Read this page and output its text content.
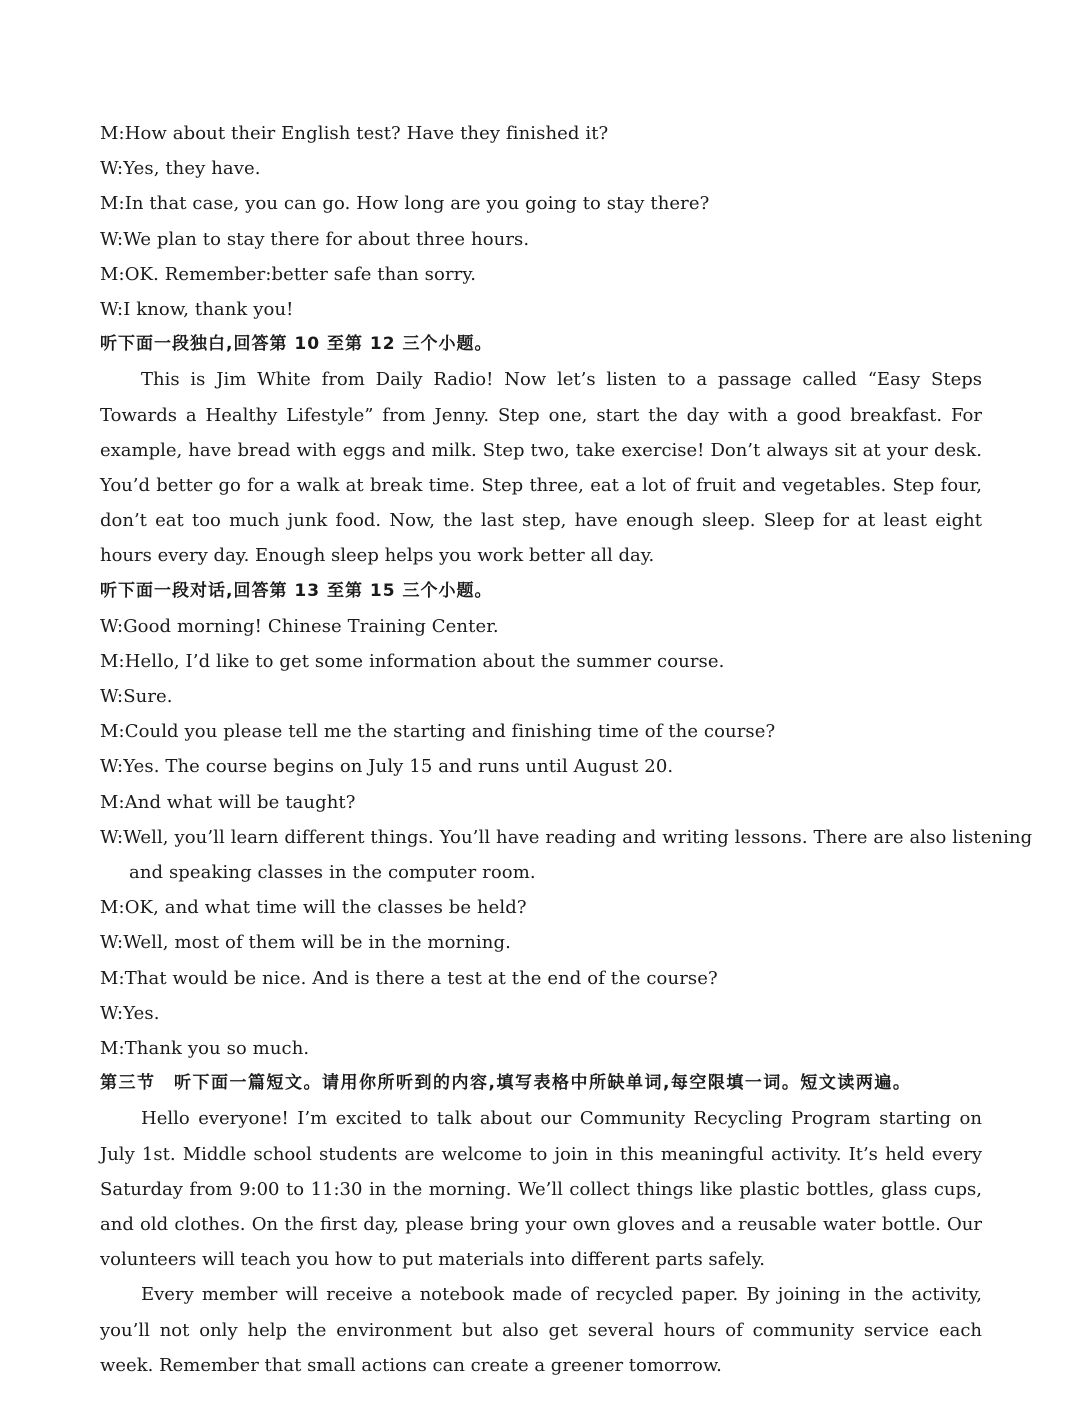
M:How about their English test? Have they finished it?
W:Yes, they have.
M:In that case, you can go. How long are you going to stay there?
W:We plan to stay there for about three hours.
M:OK. Remember:better safe than sorry.
W:I know, thank you!
听下面一段独白,回答第 10 至第 12 三个小题。

This is Jim White from Daily Radio! Now let’s listen to a passage called “Easy Steps Towards a Healthy Lifestyle” from Jenny. Step one, start the day with a good breakfast. For example, have bread with eggs and milk. Step two, take exercise! Don’t always sit at your desk. You’d better go for a walk at break time. Step three, eat a lot of fruit and vegetables. Step four, don’t eat too much junk food. Now, the last step, have enough sleep. Sleep for at least eight hours every day. Enough sleep helps you work better all day.

听下面一段对话,回答第 13 至第 15 三个小题。
W:Good morning! Chinese Training Center.
M:Hello, I’d like to get some information about the summer course.
W:Sure.
M:Could you please tell me the starting and finishing time of the course?
W:Yes. The course begins on July 15 and runs until August 20.
M:And what will be taught?
W:Well, you’ll learn different things. You’ll have reading and writing lessons. There are also listening
and speaking classes in the computer room.
M:OK, and what time will the classes be held?
W:Well, most of them will be in the morning.
M:That would be nice. And is there a test at the end of the course?
W:Yes.
M:Thank you so much.

第三节　听下面一篇短文。请用你所听到的内容,填写表格中所缺单词,每空限填一词。短文读两遍。

Hello everyone! I’m excited to talk about our Community Recycling Program starting on July 1st. Middle school students are welcome to join in this meaningful activity. It’s held every Saturday from 9:00 to 11:30 in the morning. We’ll collect things like plastic bottles, glass cups, and old clothes. On the first day, please bring your own gloves and a reusable water bottle. Our volunteers will teach you how to put materials into different parts safely.

Every member will receive a notebook made of recycled paper. By joining in the activity, you’ll not only help the environment but also get several hours of community service each week. Remember that small actions can create a greener tomorrow.
